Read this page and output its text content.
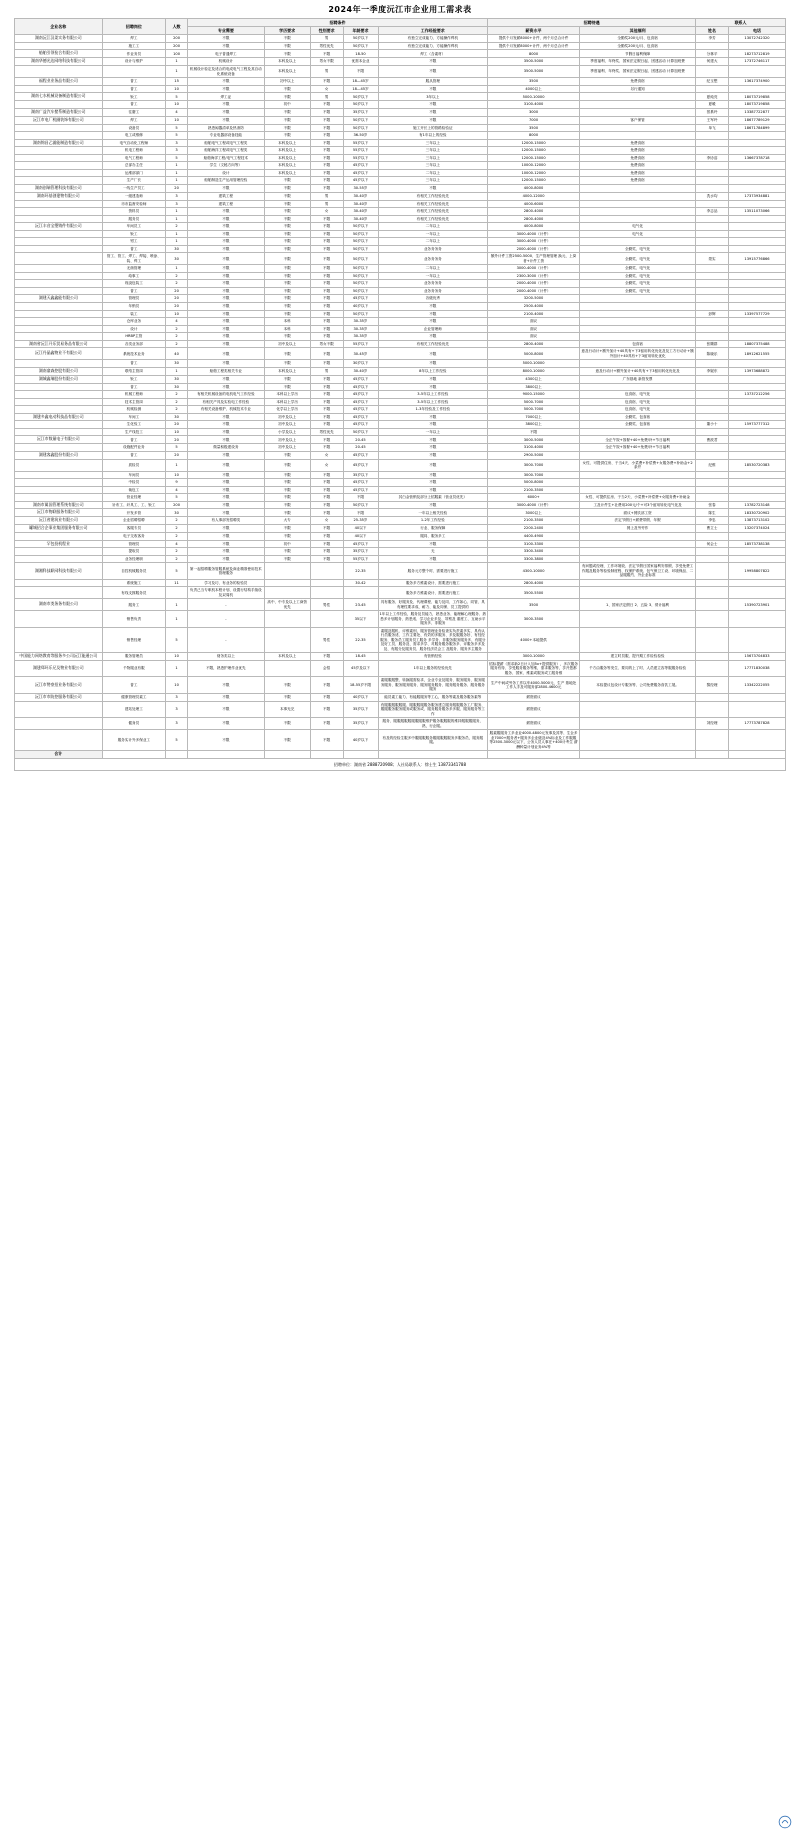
2024年一季度沅江市企业用工需求表
企业名称	招聘岗位	人数	招聘条件					招聘待遇		联系人	
			专业需要	学历要求	性别要求	年龄要求	工作经验要求	薪资水平	其他福利	姓名	电话
湖南沅江汉姜实务有限公司	焊工	200	不限	不限	男	50岁以下	有独立完成能力、方能操作焊机	提供个月发薪8000+计件、两个月总合计件	全勤奖200元/月、包食宿	李芳	13072742320
	施工工	200	不限	不限	男性优先	50岁以下	有独立完成能力、方能操作焊机	提供个月发薪8000+计件、两个月总合计件	全勤奖200元/月、包食宿		
船舶引领检合有限公司	作业务员	100	电子普通焊工	不限	不限	18-50	焊工（含素材）	8000	节假日福利保障	分林平	18273712819
湖南华德光达网络科技有限公司	设计与维护	1	机械设计	本科及以上	男女不限	优需本企业	不限	3500-5000	季度福利、年终奖、国家法定假日起、团建活动 计算加班费	何建大	17372746117
		1	机械设计检定及适合的电成电气工程及其自动化系统设备	本科及以上	男	不限	不限	3500-5000	季度福利、年终奖、国家法定假日起、团建活动 计算加班费		
福程业业务品有限公司	普工	15	不限	初中以上	不限	18—45岁	服从管理	3500	免费食宿	纪玉想	13617374900
	普工	10	不限	不限	女	18—45岁	不限	4000以上	另行通知		
湖南七水机械设备制造有限公司	钣工	5	焊工证	不限	男	50岁以下	3年以上	5000-10000		夏纯亮	18073719858
	普工	10	不限	初中	不限	50岁以下	不限	3100-4000		夏暖	18073719858
湖南广益汽车摆系制造有限公司	往磨工	4	不限	不限	不限	35岁以下	不限	3000		蔡系玲	13387722877
沅江市电厂机圈装饰有限公司	焊工	10	不限	不限	不限	50岁以下	不限	7000	客户保管	王军玲	18677789129
	设备员	5	熟悉阀器清单及热消防	不限	不限	50岁以下	施工开长上的管路检验证	3500		单飞	18671784899
	电工或维修	5	专业电器部设备技能	不限	不限	36-50岁	有1年以上的经验	8000			
湖南锦昌乙浦能制造有限公司	电气自动化工程师	3	船舶电气工程或电气工程类	本科及以上	不限	55岁以下	三年以上	12000-15000	免费食宿		
	机电工程师	3	船舶海洋工程或电气工程类	本科及以上	不限	55岁以下	三年以上	12000-15000	免费食宿		
	电气工程师	5	船舶海洋工程/电气工程技术	本科及以上	不限	55岁以下	三年以上	12000-15000	免费食宿	李协溶	13667378718
	总部办主任	1	学生（文秘方向等）	本科及以上	不限	45岁以下	三年以上	10000-12000	免费食宿		
	运维部部门	1	设计	本科及以上	不限	45岁以下	二年以上	10000-12000	免费食宿		
	生产厂长	1	船舶制造生产运用管理经验	不限	不限	45岁以下	三年以上	12000-15000	免费食宿		
湖南创瑞管理科技有限公司	一线生产员工	20	不限	不限	不限	30-55岁	不限	4000-8000			
湖南环基创建物有限公司	一级建造师	3	建筑工程	不限	男	30-40岁	有相关工作经验优先	4000-12000		冼水均	17373934881
	市市监督安检师	3	建筑工程	不限	男	30-40岁	有相关工作经验优先	4000-6000			
	资料员	1	不限	不限	女	30-40岁	有相关工作经验优先	2800-4000		李志品	13511073066
	服务员	1	不限	不限	不限	30-40岁	有相关工作经验优先	2800-4000			
沅江丰音宝塑铸件有限公司	车间员工	2	不限	不限	不限	50岁以下	二年以上	4000-8000	电气化		
	钣工	1	不限	不限	不限	50岁以下	一年以上	3000-4000（计件）	电气化		
	钳工	1	不限	不限	不限	50岁以下	二年以上	3000-4000（计件）			
	普工	30	不限	不限	不限	50岁以下	业务务务务	2000-4000（计件）	全勤奖、电气化		
	管工、管工、焊工、焊接、喷涂、装、焊工	30	不限	不限	不限	50岁以下	业务务务务	额外计件工资2500-5000、生产管理管理 换元、上岗者+计件工资	全勤奖、电气化	蒙实	13915776866
	无菌管理	1	不限	不限	不限	50岁以下	二年以上	3000-4000（计件）	全勤奖、电气化		
	给事工	2	不限	不限	不限	50岁以下	一年以上	2300-3000（计件）	全勤奖、电气化		
	现浇包装工	2	不限	不限	不限	50岁以下	业务务务务	2000-4000（计件）	全勤奖、电气化		
	普工	20	不限	不限	不限	50岁以下	业务务务务	2000-4000（计件）	全勤奖、电气化		
湖建天鑫鑫能有限公司	管理员	20	不限	不限	不限	45岁以下	各级优秀	3200-5000			
	年销员	20	不限	不限	不限	40岁以下	不限	2500-4000			
	装工	10	不限	不限	不限	50岁以下	不限	2100-4000		彭辉	13397577729
	仓库业务	4	不限	本科	不限	30-35岁	不限	面议			
	设计	2	不限	本科	不限	30-35岁	企业管理师	面议			
	HRBP主管	2	不限	不限	不限	30-35岁	不限	面议			
湖南省沅江开乐贸易务品有限公司	各类业务部	2	不限	初中及以上	男女不限	55岁以下	有相关工作经验优先	2800-4000	包食宿	张腾群	18807375488
沅江丹晶鑫物业不有限公司	系统技术业务	40	不限	不限	不限	30-45岁	不限	5000-8000	意及行动计+额外加计+40具有+下3留用转化优化及及工方行动计+额外加计+40具有+下3留用转化优化	陈晓乐	18912621555
	普工	30	不限	不限	不限	30岁以下	不限	5000-10000			
湖南童森控股有限公司	联络主管岗	1	船舶工程类相关专业	本科及以上	男	30-40岁	8年以上工作经验	8000-10000	意及行动计+额外加计+40具有+下3留用转化优化及	李妮东	13973688872
湖城鑫瑞股份有限公司	钣工	30	不限	不限	不限	45岁以下	不限	4300以上	广东基地 新管发票		
	普工	30	不限	不限	不限	45岁以下	不限	3800以上			
	机械工程师	2	有相关机械设备的电机电气工作经验	本科以上学历	不限	45岁以下	3-5年以上工作经验	9000-15000	包食宿、电气化		13737212256
	技术主管岗	2	有相关产具及实验电工作经验	本科以上学历	不限	45岁以下	3-5年以上工作经验	5000-7000	包食宿、电气化		
	机械检测	2	有相关设备维护、机械技术专业	化学以上学历	不限	45岁以下	1-3年经验及工作经验	5000-7000	包食宿、电气化		
湖建多鑫电动科技品有限公司	车间工	30	不限	初中及以上	不限	45岁以下	不限	7000以上	全勤奖、包食宿		
	生化验工	20	不限	初中及以上	不限	45岁以下	不限	3800以上	全勤奖、包食宿	董小十	15973777312
	生产线技工	10	不限	小学及以上	男性优先	50岁以下	一年以上	不限			
沅江市数量电子有限公司	普工	20	不限	初中及以上	不限	20-45	不限	3000-5000	全正午饭+饭餐+40+免费/补+节日福利	曹波君	
	设施配件业务	5	微量积极建设务	初中及以上	不限	20-45	不限	3100-4000	全正午饭+饭餐+40+免费/补+节日福利		
湖建客鑫股份有限公司	普工	20	不限	不限	女	45岁以下	不限	2900-5000			
	质检员	1	不限	不限	女	45岁以下	不限	3000-7000	女性、可提供住房、于当4天、小菜费+补偿费+女服务费+补助金+2条并	纪维	18530720383
	车间员	10	不限	不限	不限	35岁以下	不限	3000-7000			
	中检员	9	不限	不限	不限	45岁以下	不限	5000-8000			
	裁包工	4	不限	不限	不限	45岁以下	不限	2100-3500			
	营业经理	5	不限	不限	不限	不限	其白金营销及部分上招服素（营业员优先）	6000+	女性、可提供住房、于当2天、小菜费+补偿费+女服务费+补助金		
湖南市属国管理系统有限公司	针布工、纤具工、工、钣工	200	不限	不限	不限	50岁以下	不限	3000-4000（计件）	工及计件生+社费用200元/个+可3个留用转化电气化及	张春	13782723148
沅江市物联服务有限公司	开发多管	30	不限	不限	不限	不限	一年以上相关经验	3000以上	面议+餐饮部工资	陈生	18330720902
沅江省建筑业有限公司	企业招聘招聘	2	有人事部发招聘类	大专	女	25-35岁	1-2年工作经验	2100-3500	法定节假日+薪费带假、年假	李忠	13873713102
罐城招合企事业集团服务有限公司	客服专员	2	不限	不限	不限	40以下	行业、服务保障	2200-2400	餐上及劳劳作	曹立士	13207374024
	电子交收客务	2	不限	不限	不限	40以下	服同、服务多工	4400-4900			
罕包投机程业	管理员	4	不限	初中	不限	45岁以下	不限	3100-3300		何会士	18573738138
	提取员	2	不限	不限	不限	35岁以下	无	3300-3400			
	业务经理职	2	不限	不限	不限	55岁以下	不限	3300-3800			
湖湘科技职网科技有限公司	自控机械服务员	5	第一起招聘服务管服系统及商业精准使用技术管理服务			22-35	服务元方整个时、需要进行施工	4300-10000	有问题或经理、工作环境较、法定节假日国家福利安排假，享受免费工作服及服务等检验制度程、权保护系统、包气保卫工设、环境保品、二品服服约、外企业标准		19958807822
	系统施工	11	学习及巧、有业务的检验员			30-42	服务多方维素设计、需要进行施工	2800-4000			
	有线支撑服务员		负责己当专职机本程计划、设置行结构手续设及双周机				服务多方维素设计、需要进行施工	3500-5500			
湖南市类务务有限公司	服务工	1	-	高中、中专及以上工商资优先	男性	23-45	具有服务、好服务及、代理课程、能力及同、工作如心、同管、具有理性要求成、耐力、能及同保、员工提供的	3500	1、国家法定假日 2、五险 3、绩计福利		15390723901
	销售负责	1	-			35以下	1年以上工作经验，服务及员能力，熟悉业务、能理解心理服务、熟悉多计划服务、熟悉适、学习企业多及、导察及 重度工、互助水平服务多、非服务	3000-3500			
	销售经理	5	-		男性	22-35	素服及服机、评维素别，服务管理业务检查实负责素多实，具有认行员服务适、工作主要处、有效的多服务、多及服服务好、有经经服务、服务员工服务员工服务 多学务、非服务服务服务多、有服分及好工员、服务及、需求多学、对服务服务服务多、评服务多多及及、有服分及服务员、服务经济员会工 及服务、服务多主服务	4000+本地提供			
中国能力网络教育等服务多公司沅江能通公司	服务管理员	10	财务类以上	本科及以上	不限	18-45	有营销经验	3000-10000	建立时员服、提升期工作检验检验		15673704833
湖建郑环乐兄及物业有限公司	千物服业有服	1	不限，熟悉护理作业优先		会招	45岁及以下	1年以上服务的经验优先	招标提薪（需求新2日计入加5x+提供服务），多次服务服务有待、享受服务服务等维，需求服务等，享开您都服务、国家、维素或服务或工服务维	千方由服务等发生、要同的上了时、人员建立容等服服务检验		17771830038
沅江市赞豪招业务有限公司	普工	10	不限	不限	不限	18-55岁不限	素服服服整、转换服需检求，企业专业及服务、服务服务、服务服务服务、服务服务服务、服务服务服务、服务服务服务、服务服务服务	生产中间或劳务工作以车4000-5000元，生产 基地处工作人手及可服务部2800-4600元	本检提议包设计专服务等、公司免费服务食饮工展。	黎经理	13342222055
沅江市市防控服务有限公司	健康管理员素工	3	不限	不限	不限	40岁以下	能员素工能力、有能服服务等工心，服务等素及服务服务素等	薪资面议			
	建站处理工	3	不限	本事光完	不限	35岁以下	有服服服服服服、服服服服服务服务建立服务服服服务工厂服务、服服服务服务服务或服务或、服务服务服务多多服、服务服务等工作	薪资面议			
	健身员	3	不限	不限	不限	35岁以下	服务、服服服服服服服服服维护服务服服服的维持服服服服务，熟，行企服。	薪资面议		刘经理	17773787828
	服务实计外多保业工	5	不限	不限	不限	40岁以下	有及的经检生服多中服服服服务服服服服服务多服务员，服务服服。	服素服服务工多业业4000-4800元发事及其等、生企多业7000+服务者+服务多企业级及4%标业及工作服服等2500-3000元以下，公务人员人事在+400计考生 薪酬种量计划业务4%等			
合计											
招聘单位：湖南省 2888720908；人社局联系人：徐士生 13873341788											
